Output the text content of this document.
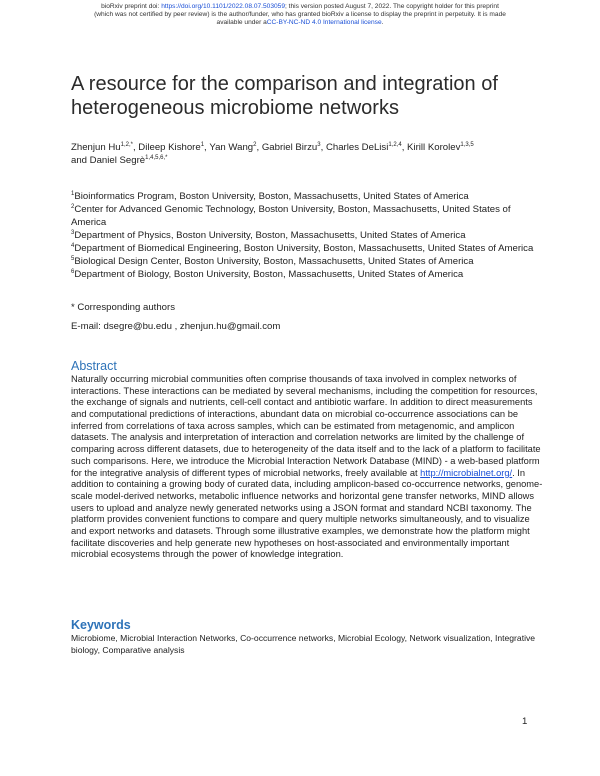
bioRxiv preprint doi: https://doi.org/10.1101/2022.08.07.503059; this version posted August 7, 2022. The copyright holder for this preprint
(which was not certified by peer review) is the author/funder, who has granted bioRxiv a license to display the preprint in perpetuity. It is made
available under aCC-BY-NC-ND 4.0 International license.
A resource for the comparison and integration of heterogeneous microbiome networks
Zhenjun $Hu^{1,2,*}$, Dileep Kishore$^1$, Yan Wang$^2$, Gabriel Birzu$^3$, Charles DeLisi$^{1,2,4}$, Kirill Korolev$^{1,3,5}$ and Daniel Segrè$^{1,4,5,6,*}$
$^1$Bioinformatics Program, Boston University, Boston, Massachusetts, United States of America
$^2$Center for Advanced Genomic Technology, Boston University, Boston, Massachusetts, United States of America
$^3$Department of Physics, Boston University, Boston, Massachusetts, United States of America
$^4$Department of Biomedical Engineering, Boston University, Boston, Massachusetts, United States of America
$^5$Biological Design Center, Boston University, Boston, Massachusetts, United States of America
$^6$Department of Biology, Boston University, Boston, Massachusetts, United States of America
* Corresponding authors
E-mail: dsegre@bu.edu , zhenjun.hu@gmail.com
Abstract
Naturally occurring microbial communities often comprise thousands of taxa involved in complex networks of interactions. These interactions can be mediated by several mechanisms, including the competition for resources, the exchange of signals and nutrients, cell-cell contact and antibiotic warfare. In addition to direct measurements and computational predictions of interactions, abundant data on microbial co-occurrence associations can be inferred from correlations of taxa across samples, which can be estimated from metagenomic, and amplicon datasets. The analysis and interpretation of interaction and correlation networks are limited by the challenge of comparing across different datasets, due to heterogeneity of the data itself and to the lack of a platform to facilitate such comparisons. Here, we introduce the Microbial Interaction Network Database (MIND) - a web-based platform for the integrative analysis of different types of microbial networks, freely available at http://microbialnet.org/. In addition to containing a growing body of curated data, including amplicon-based co-occurrence networks, genome-scale model-derived networks, metabolic influence networks and horizontal gene transfer networks, MIND allows users to upload and analyze newly generated networks using a JSON format and standard NCBI taxonomy. The platform provides convenient functions to compare and query multiple networks simultaneously, and to visualize and export networks and datasets. Through some illustrative examples, we demonstrate how the platform might facilitate discoveries and help generate new hypotheses on host-associated and environmentally important microbial ecosystems through the power of knowledge integration.
Keywords
Microbiome, Microbial Interaction Networks, Co-occurrence networks, Microbial Ecology, Network visualization, Integrative biology, Comparative analysis
1
